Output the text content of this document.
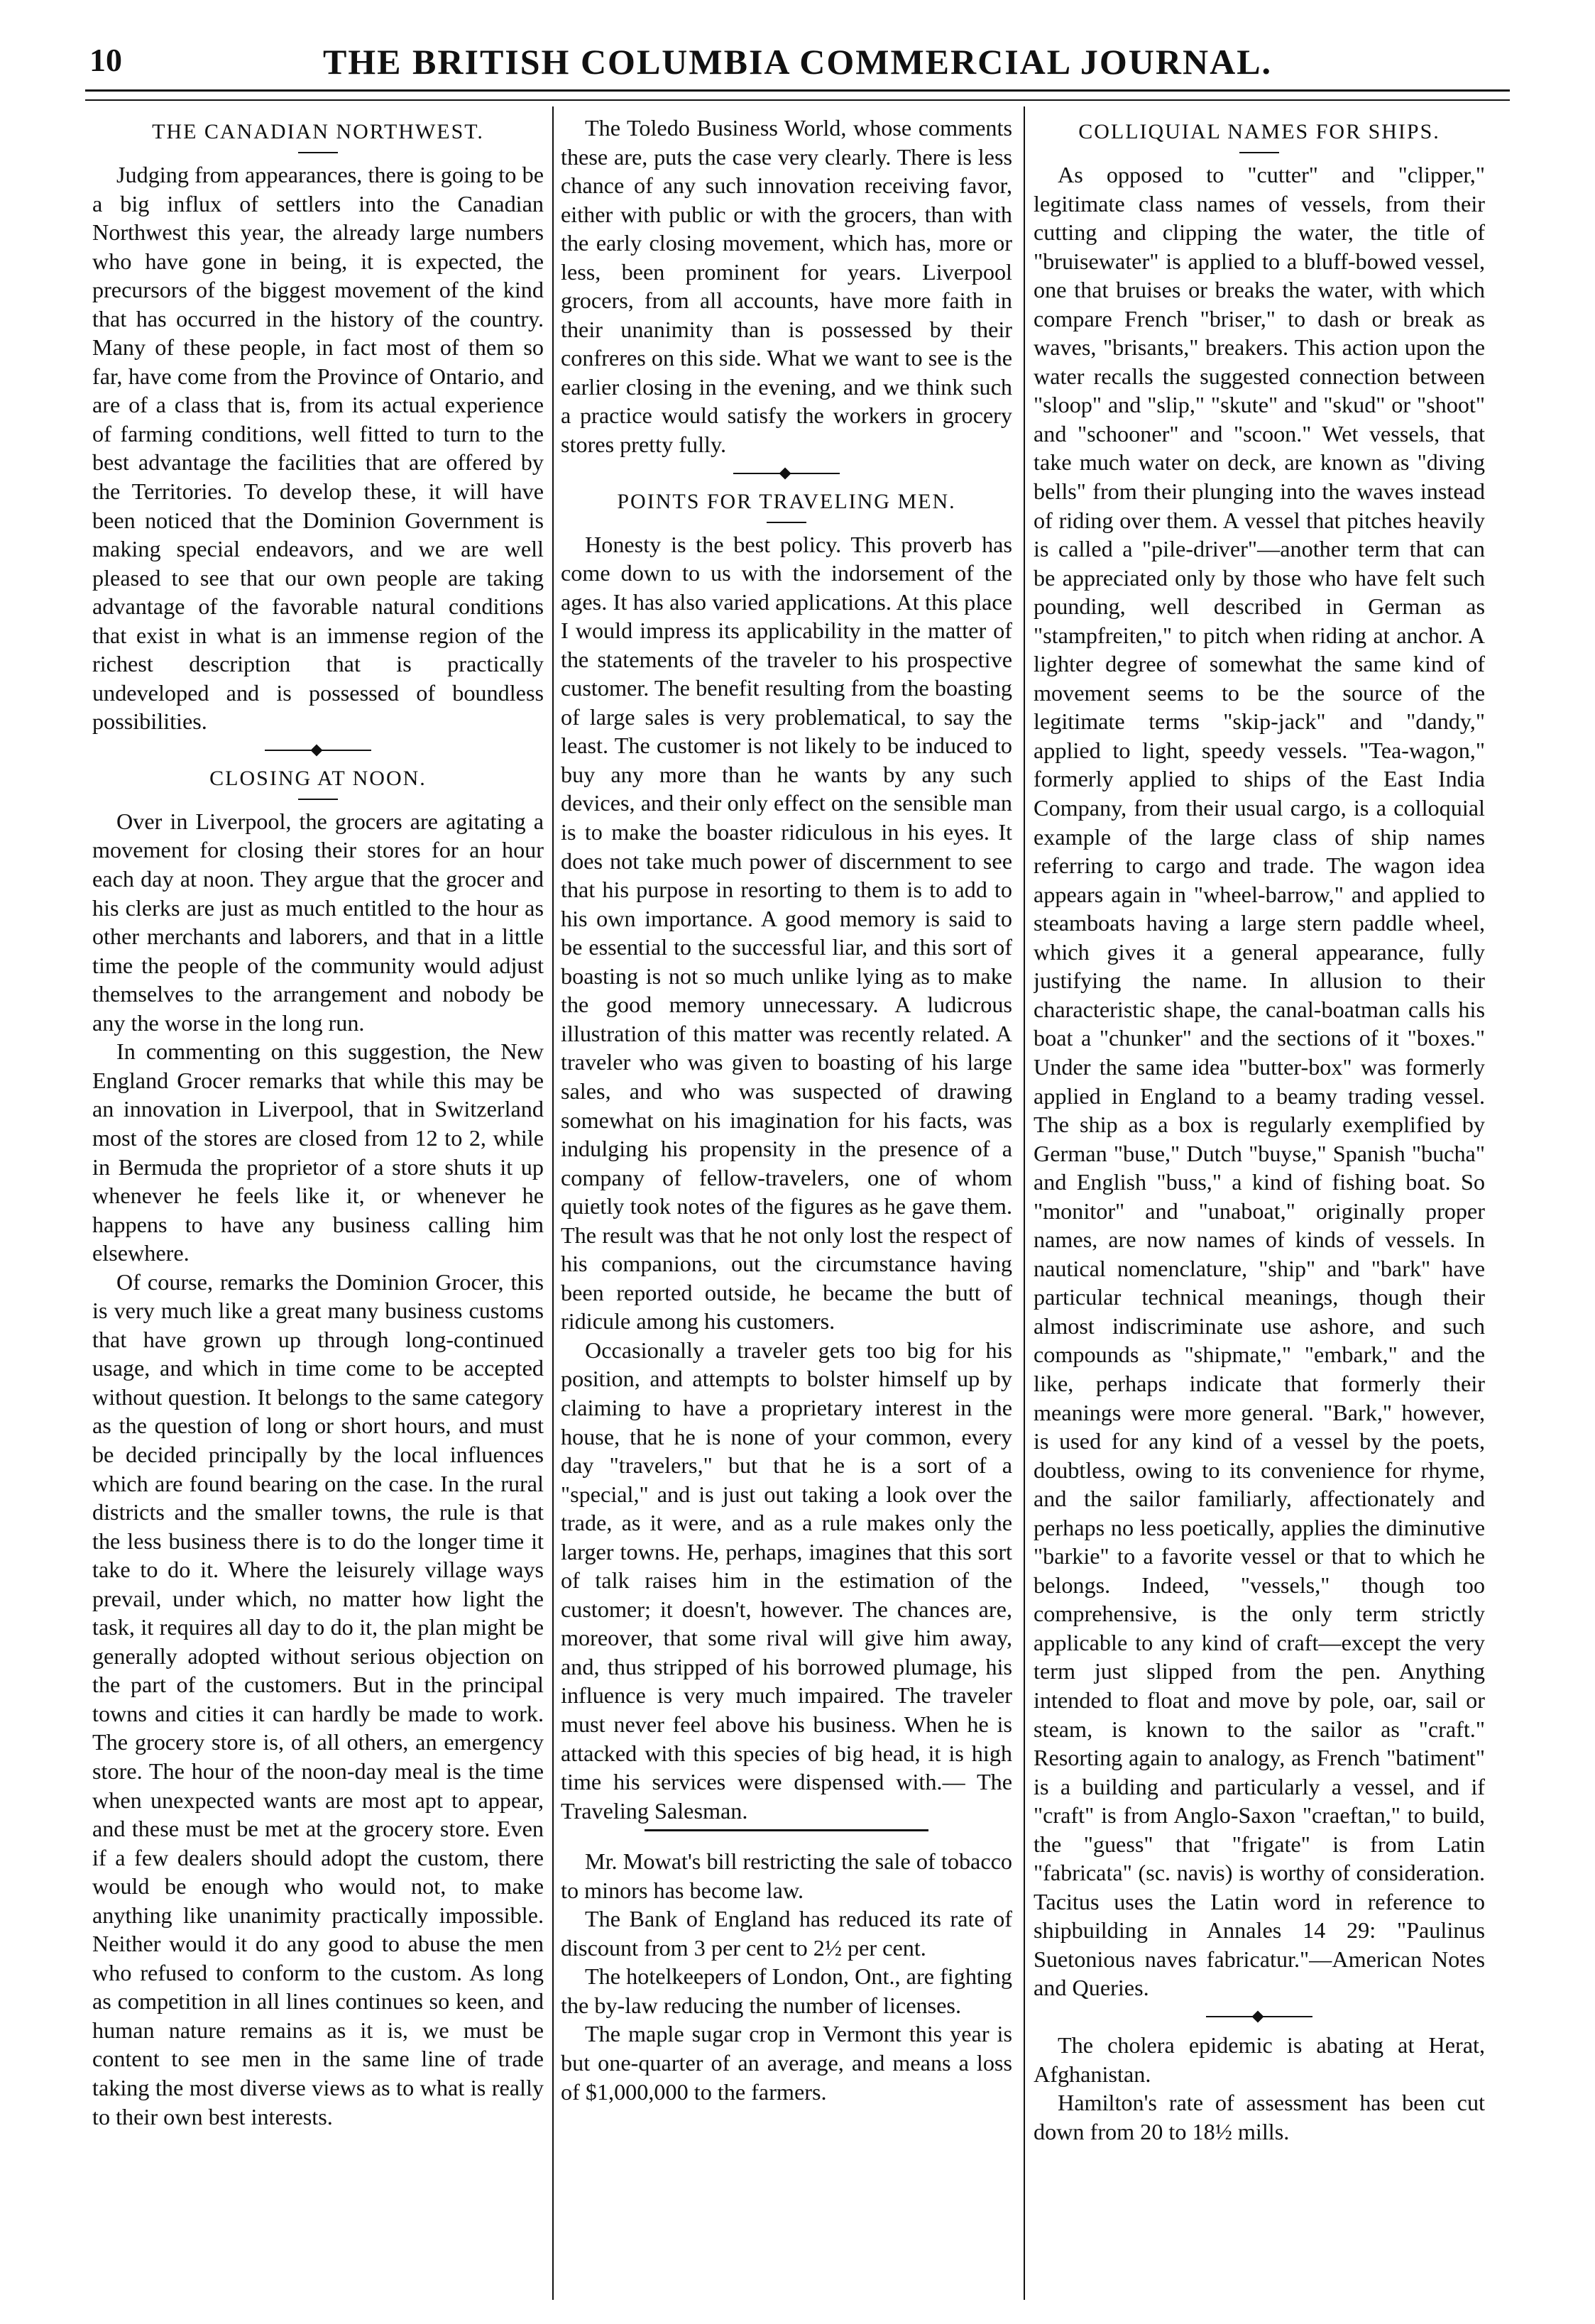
10	THE BRITISH COLUMBIA COMMERCIAL JOURNAL.
THE CANADIAN NORTHWEST.

Judging from appearances, there is going to be a big influx of settlers into the Canadian Northwest this year, the already large numbers who have gone in being, it is expected, the precursors of the biggest movement of the kind that has occurred in the history of the country. Many of these people, in fact most of them so far, have come from the Province of Ontario, and are of a class that is, from its actual experience of farming conditions, well fitted to turn to the best advantage the facilities that are offered by the Territories. To develop these, it will have been noticed that the Dominion Government is making special endeavors, and we are well pleased to see that our own people are taking advantage of the favorable natural conditions that exist in what is an immense region of the richest description that is practically undeveloped and is possessed of boundless possibilities.

CLOSING AT NOON.

Over in Liverpool, the grocers are agitating a movement for closing their stores for an hour each day at noon. They argue that the grocer and his clerks are just as much entitled to the hour as other merchants and laborers, and that in a little time the people of the community would adjust themselves to the arrangement and nobody be any the worse in the long run.

In commenting on this suggestion, the New England Grocer remarks that while this may be an innovation in Liverpool, that in Switzerland most of the stores are closed from 12 to 2, while in Bermuda the proprietor of a store shuts it up whenever he feels like it, or whenever he happens to have any business calling him elsewhere.

Of course, remarks the Dominion Grocer, this is very much like a great many business customs that have grown up through long-continued usage, and which in time come to be accepted without question. It belongs to the same category as the question of long or short hours, and must be decided principally by the local influences which are found bearing on the case. In the rural districts and the smaller towns, the rule is that the less business there is to do the longer time it take to do it. Where the leisurely village ways prevail, under which, no matter how light the task, it requires all day to do it, the plan might be generally adopted without serious objection on the part of the customers. But in the principal towns and cities it can hardly be made to work. The grocery store is, of all others, an emergency store. The hour of the noon-day meal is the time when unexpected wants are most apt to appear, and these must be met at the grocery store. Even if a few dealers should adopt the custom, there would be enough who would not, to make anything like unanimity practically impossible. Neither would it do any good to abuse the men who refused to conform to the custom. As long as competition in all lines continues so keen, and human nature remains as it is, we must be content to see men in the same line of trade taking the most diverse views as to what is really to their own best interests.

The Toledo Business World, whose comments these are, puts the case very clearly. There is less chance of any such innovation receiving favor, either with public or with the grocers, than with the early closing movement, which has, more or less, been prominent for years. Liverpool grocers, from all accounts, have more faith in their unanimity than is possessed by their confreres on this side. What we want to see is the earlier closing in the evening, and we think such a practice would satisfy the workers in grocery stores pretty fully.

POINTS FOR TRAVELING MEN.

Honesty is the best policy. This proverb has come down to us with the indorsement of the ages. It has also varied applications. At this place I would impress its applicability in the matter of the statements of the traveler to his prospective customer. The benefit resulting from the boasting of large sales is very problematical, to say the least. The customer is not likely to be induced to buy any more than he wants by any such devices, and their only effect on the sensible man is to make the boaster ridiculous in his eyes. It does not take much power of discernment to see that his purpose in resorting to them is to add to his own importance. A good memory is said to be essential to the successful liar, and this sort of boasting is not so much unlike lying as to make the good memory unnecessary. A ludicrous illustration of this matter was recently related. A traveler who was given to boasting of his large sales, and who was suspected of drawing somewhat on his imagination for his facts, was indulging his propensity in the presence of a company of fellow-travelers, one of whom quietly took notes of the figures as he gave them. The result was that he not only lost the respect of his companions, out the circumstance having been reported outside, he became the butt of ridicule among his customers.

Occasionally a traveler gets too big for his position, and attempts to bolster himself up by claiming to have a proprietary interest in the house, that he is none of your common, every day "travelers," but that he is a sort of a "special," and is just out taking a look over the trade, as it were, and as a rule makes only the larger towns. He, perhaps, imagines that this sort of talk raises him in the estimation of the customer; it doesn't, however. The chances are, moreover, that some rival will give him away, and, thus stripped of his borrowed plumage, his influence is very much impaired. The traveler must never feel above his business. When he is attacked with this species of big head, it is high time his services were dispensed with.— The Traveling Salesman.

Mr. Mowat's bill restricting the sale of tobacco to minors has become law.

The Bank of England has reduced its rate of discount from 3 per cent to 2½ per cent.

The hotelkeepers of London, Ont., are fighting the by-law reducing the number of licenses.

The maple sugar crop in Vermont this year is but one-quarter of an average, and means a loss of $1,000,000 to the farmers.

COLLIQUIAL NAMES FOR SHIPS.

As opposed to "cutter" and "clipper," legitimate class names of vessels, from their cutting and clipping the water, the title of "bruisewater" is applied to a bluff-bowed vessel, one that bruises or breaks the water, with which compare French "briser," to dash or break as waves, "brisants," breakers. This action upon the water recalls the suggested connection between "sloop" and "slip," "skute" and "skud" or "shoot" and "schooner" and "scoon." Wet vessels, that take much water on deck, are known as "diving bells" from their plunging into the waves instead of riding over them. A vessel that pitches heavily is called a "pile-driver"—another term that can be appreciated only by those who have felt such pounding, well described in German as "stampfreiten," to pitch when riding at anchor. A lighter degree of somewhat the same kind of movement seems to be the source of the legitimate terms "skip-jack" and "dandy," applied to light, speedy vessels. "Tea-wagon," formerly applied to ships of the East India Company, from their usual cargo, is a colloquial example of the large class of ship names referring to cargo and trade. The wagon idea appears again in "wheel-barrow," and applied to steamboats having a large stern paddle wheel, which gives it a general appearance, fully justifying the name. In allusion to their characteristic shape, the canal-boatman calls his boat a "chunker" and the sections of it "boxes." Under the same idea "butter-box" was formerly applied in England to a beamy trading vessel. The ship as a box is regularly exemplified by German "buse," Dutch "buyse," Spanish "bucha" and English "buss," a kind of fishing boat. So "monitor" and "unaboat," originally proper names, are now names of kinds of vessels. In nautical nomenclature, "ship" and "bark" have particular technical meanings, though their almost indiscriminate use ashore, and such compounds as "shipmate," "embark," and the like, perhaps indicate that formerly their meanings were more general. "Bark," however, is used for any kind of a vessel by the poets, doubtless, owing to its convenience for rhyme, and the sailor familiarly, affectionately and perhaps no less poetically, applies the diminutive "barkie" to a favorite vessel or that to which he belongs. Indeed, "vessels," though too comprehensive, is the only term strictly applicable to any kind of craft—except the very term just slipped from the pen. Anything intended to float and move by pole, oar, sail or steam, is known to the sailor as "craft." Resorting again to analogy, as French "batiment" is a building and particularly a vessel, and if "craft" is from Anglo-Saxon "craeftan," to build, the "guess" that "frigate" is from Latin "fabricata" (sc. navis) is worthy of consideration. Tacitus uses the Latin word in reference to shipbuilding in Annales 14 29: "Paulinus Suetonious naves fabricatur."—American Notes and Queries.

The cholera epidemic is abating at Herat, Afghanistan.

Hamilton's rate of assessment has been cut down from 20 to 18½ mills.
